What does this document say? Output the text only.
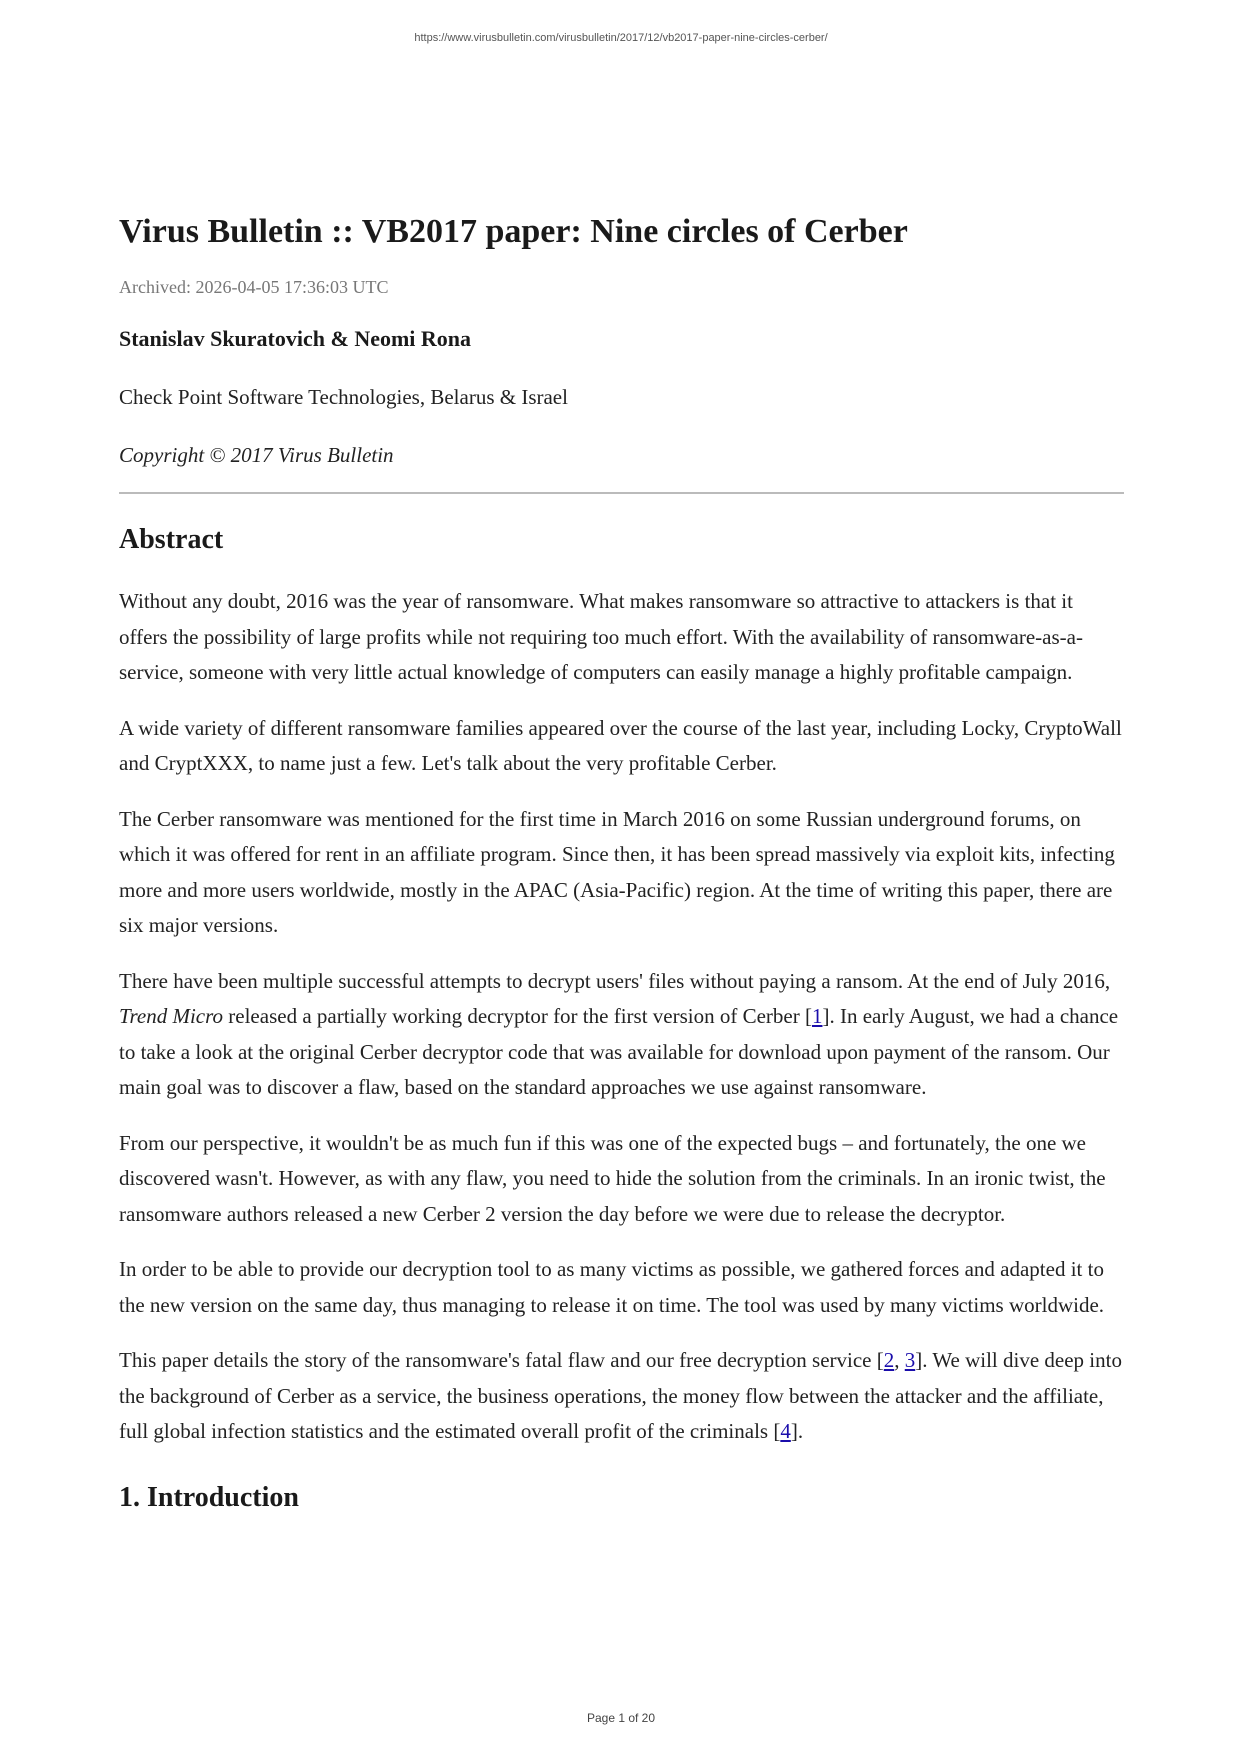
https://www.virusbulletin.com/virusbulletin/2017/12/vb2017-paper-nine-circles-cerber/
Virus Bulletin :: VB2017 paper: Nine circles of Cerber
Archived: 2026-04-05 17:36:03 UTC
Stanislav Skuratovich & Neomi Rona
Check Point Software Technologies, Belarus & Israel
Copyright © 2017 Virus Bulletin
Abstract

Without any doubt, 2016 was the year of ransomware. What makes ransomware so attractive to attackers is that it offers the possibility of large profits while not requiring too much effort. With the availability of ransomware-as-a-service, someone with very little actual knowledge of computers can easily manage a highly profitable campaign.

A wide variety of different ransomware families appeared over the course of the last year, including Locky, CryptoWall and CryptXXX, to name just a few. Let's talk about the very profitable Cerber.

The Cerber ransomware was mentioned for the first time in March 2016 on some Russian underground forums, on which it was offered for rent in an affiliate program. Since then, it has been spread massively via exploit kits, infecting more and more users worldwide, mostly in the APAC (Asia-Pacific) region. At the time of writing this paper, there are six major versions.

There have been multiple successful attempts to decrypt users' files without paying a ransom. At the end of July 2016, Trend Micro released a partially working decryptor for the first version of Cerber [1]. In early August, we had a chance to take a look at the original Cerber decryptor code that was available for download upon payment of the ransom. Our main goal was to discover a flaw, based on the standard approaches we use against ransomware.

From our perspective, it wouldn't be as much fun if this was one of the expected bugs – and fortunately, the one we discovered wasn't. However, as with any flaw, you need to hide the solution from the criminals. In an ironic twist, the ransomware authors released a new Cerber 2 version the day before we were due to release the decryptor.

In order to be able to provide our decryption tool to as many victims as possible, we gathered forces and adapted it to the new version on the same day, thus managing to release it on time. The tool was used by many victims worldwide.

This paper details the story of the ransomware's fatal flaw and our free decryption service [2, 3]. We will dive deep into the background of Cerber as a service, the business operations, the money flow between the attacker and the affiliate, full global infection statistics and the estimated overall profit of the criminals [4].

1. Introduction
Page 1 of 20
